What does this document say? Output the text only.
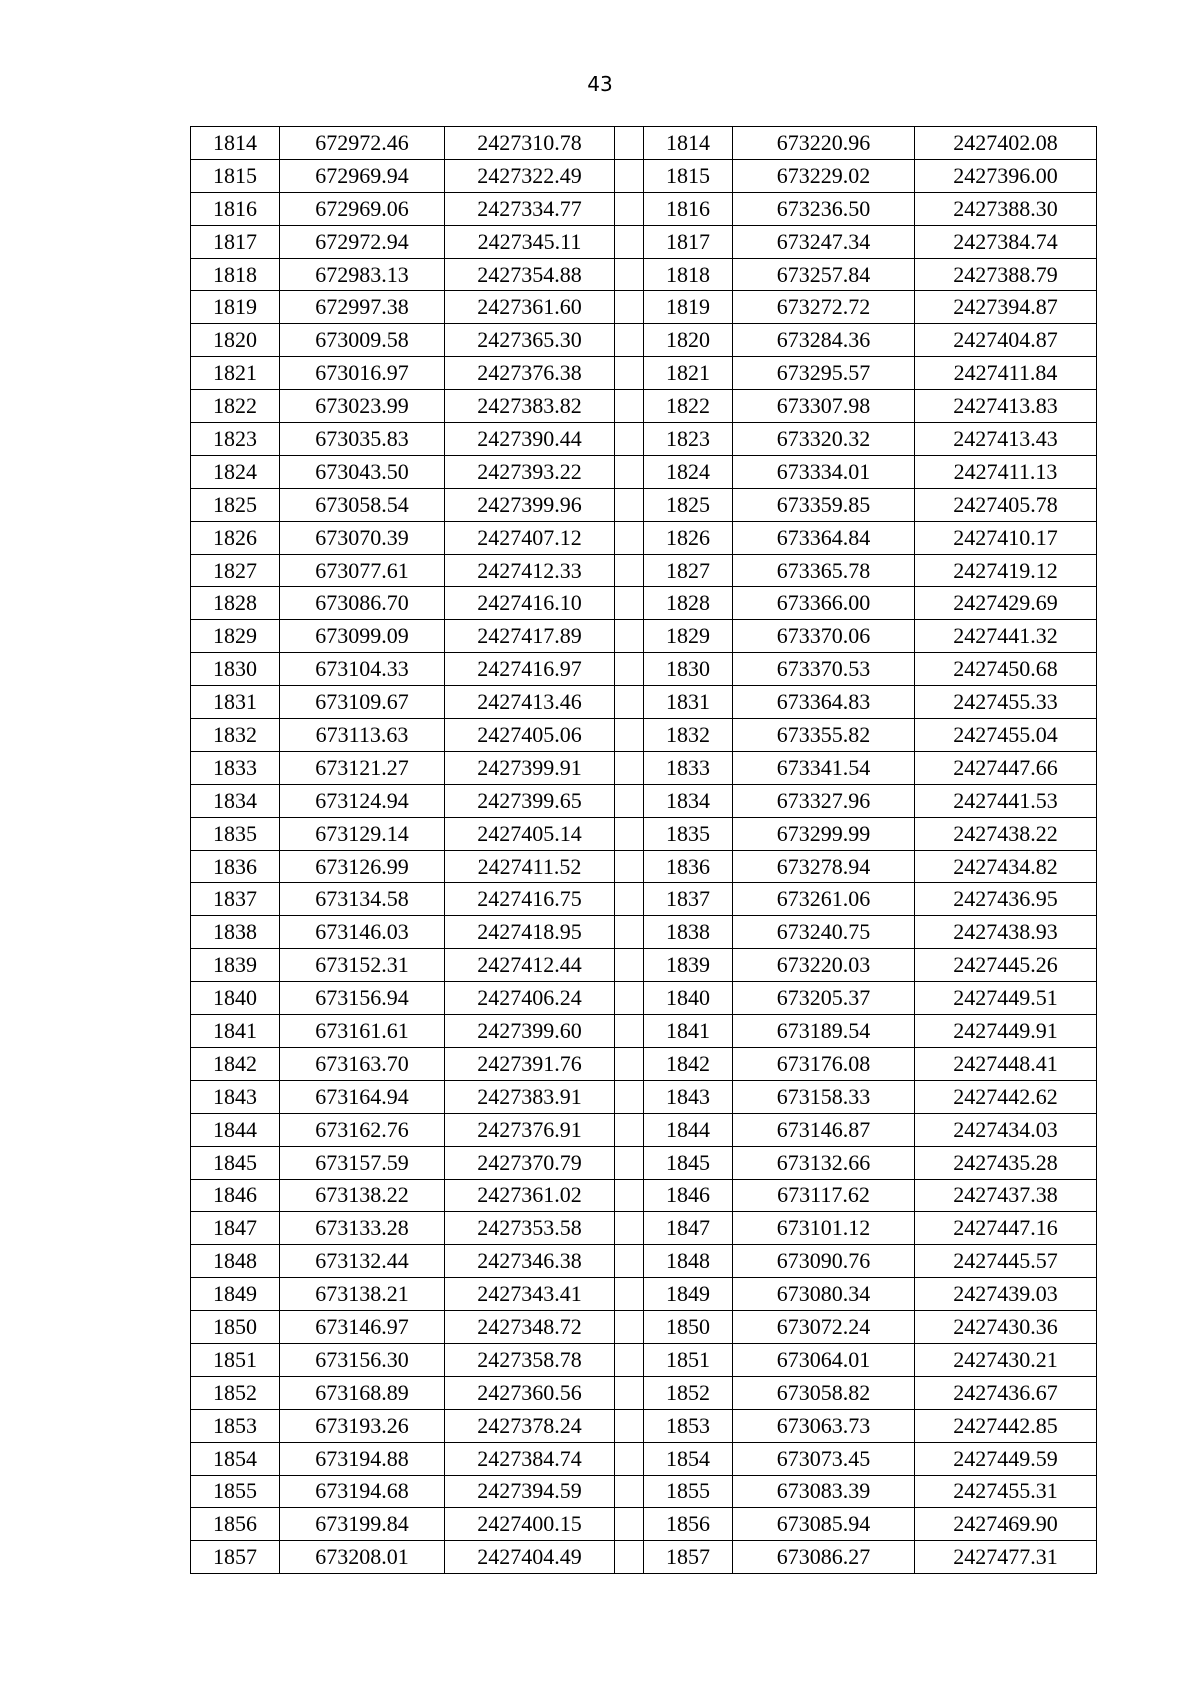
43
1814	672972.46	2427310.78		1814	673220.96	2427402.08
1815	672969.94	2427322.49		1815	673229.02	2427396.00
1816	672969.06	2427334.77		1816	673236.50	2427388.30
1817	672972.94	2427345.11		1817	673247.34	2427384.74
1818	672983.13	2427354.88		1818	673257.84	2427388.79
1819	672997.38	2427361.60		1819	673272.72	2427394.87
1820	673009.58	2427365.30		1820	673284.36	2427404.87
1821	673016.97	2427376.38		1821	673295.57	2427411.84
1822	673023.99	2427383.82		1822	673307.98	2427413.83
1823	673035.83	2427390.44		1823	673320.32	2427413.43
1824	673043.50	2427393.22		1824	673334.01	2427411.13
1825	673058.54	2427399.96		1825	673359.85	2427405.78
1826	673070.39	2427407.12		1826	673364.84	2427410.17
1827	673077.61	2427412.33		1827	673365.78	2427419.12
1828	673086.70	2427416.10		1828	673366.00	2427429.69
1829	673099.09	2427417.89		1829	673370.06	2427441.32
1830	673104.33	2427416.97		1830	673370.53	2427450.68
1831	673109.67	2427413.46		1831	673364.83	2427455.33
1832	673113.63	2427405.06		1832	673355.82	2427455.04
1833	673121.27	2427399.91		1833	673341.54	2427447.66
1834	673124.94	2427399.65		1834	673327.96	2427441.53
1835	673129.14	2427405.14		1835	673299.99	2427438.22
1836	673126.99	2427411.52		1836	673278.94	2427434.82
1837	673134.58	2427416.75		1837	673261.06	2427436.95
1838	673146.03	2427418.95		1838	673240.75	2427438.93
1839	673152.31	2427412.44		1839	673220.03	2427445.26
1840	673156.94	2427406.24		1840	673205.37	2427449.51
1841	673161.61	2427399.60		1841	673189.54	2427449.91
1842	673163.70	2427391.76		1842	673176.08	2427448.41
1843	673164.94	2427383.91		1843	673158.33	2427442.62
1844	673162.76	2427376.91		1844	673146.87	2427434.03
1845	673157.59	2427370.79		1845	673132.66	2427435.28
1846	673138.22	2427361.02		1846	673117.62	2427437.38
1847	673133.28	2427353.58		1847	673101.12	2427447.16
1848	673132.44	2427346.38		1848	673090.76	2427445.57
1849	673138.21	2427343.41		1849	673080.34	2427439.03
1850	673146.97	2427348.72		1850	673072.24	2427430.36
1851	673156.30	2427358.78		1851	673064.01	2427430.21
1852	673168.89	2427360.56		1852	673058.82	2427436.67
1853	673193.26	2427378.24		1853	673063.73	2427442.85
1854	673194.88	2427384.74		1854	673073.45	2427449.59
1855	673194.68	2427394.59		1855	673083.39	2427455.31
1856	673199.84	2427400.15		1856	673085.94	2427469.90
1857	673208.01	2427404.49		1857	673086.27	2427477.31
